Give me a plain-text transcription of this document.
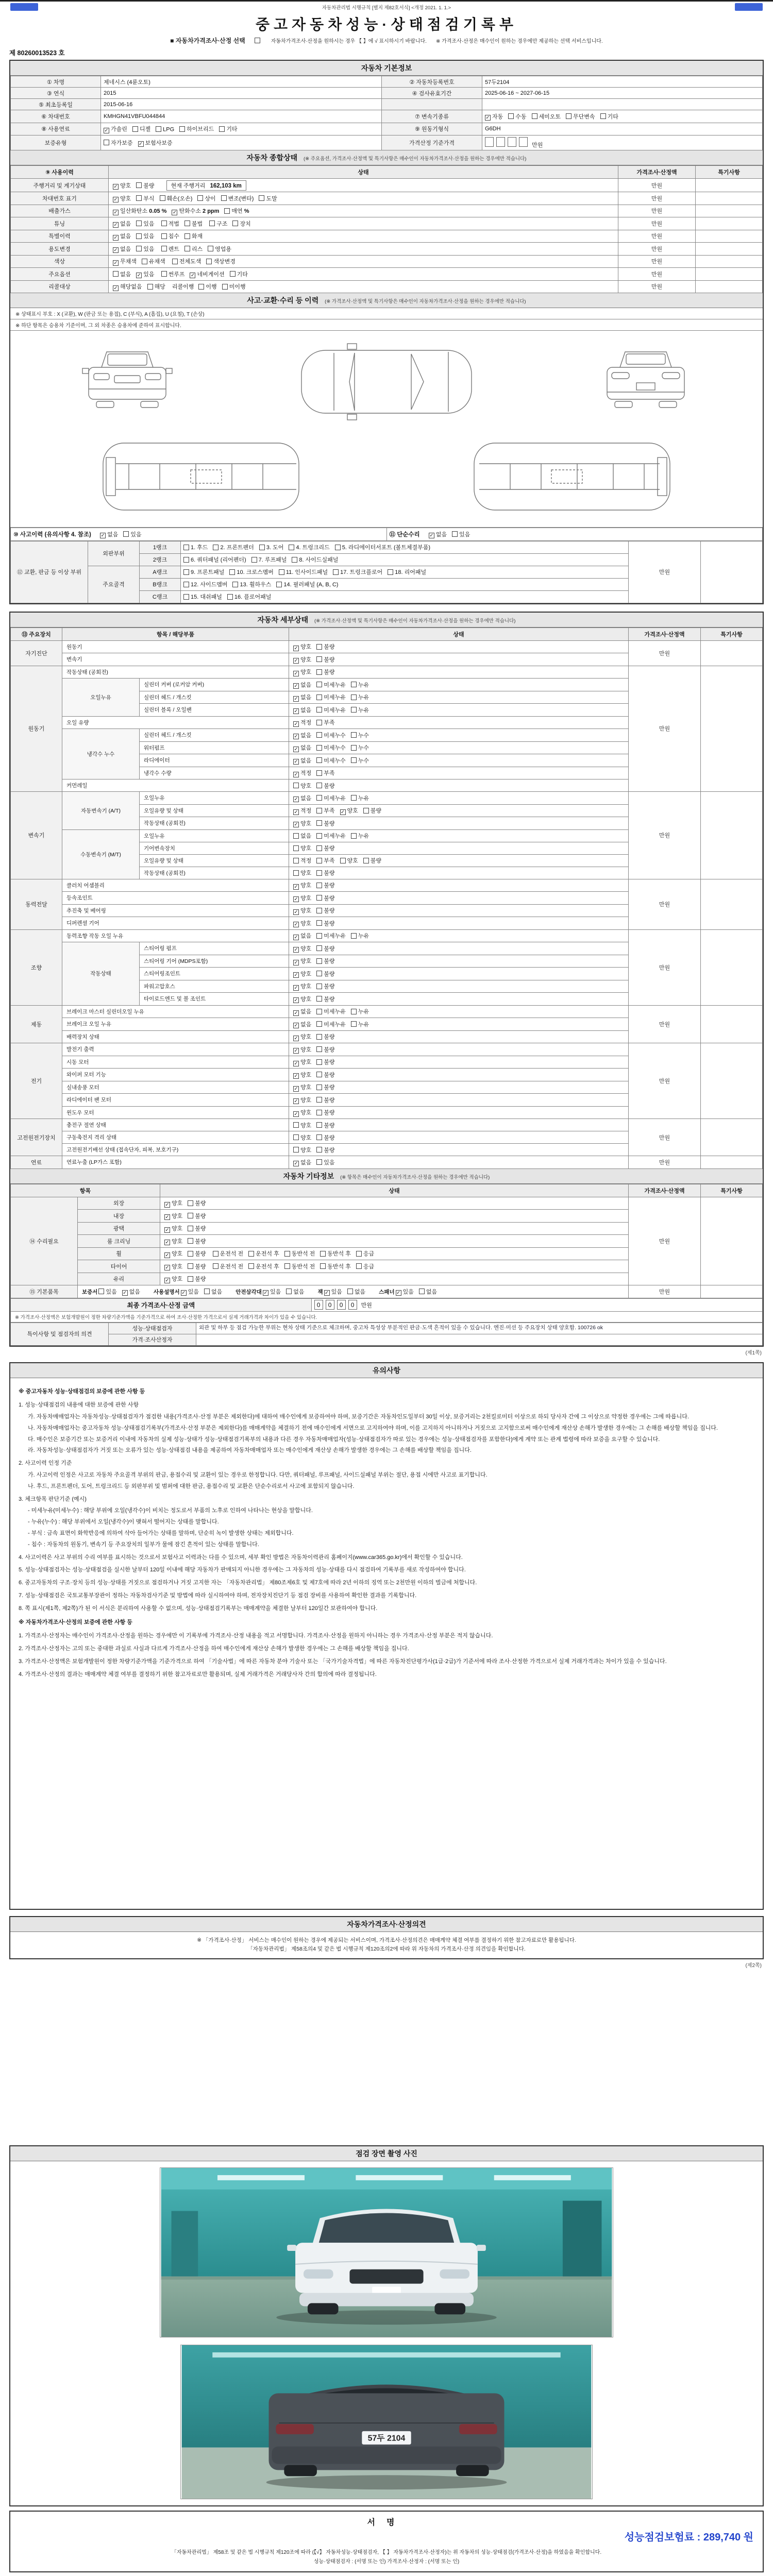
자동차관리법 시행규칙 [별지 제82호서식] <개정 2021. 1. 1.>
중고자동차성능·상태점검기록부
■ 자동차가격조사·산정 선택	자동차가격조사·산정을 원하시는 경우 【 】에 √ 표시하시기 바랍니다. ※ 가격조사·산정은 매수인이 원하는 경우에만 제공하는 선택 서비스입니다.
제 80260013523 호
자동차 기본정보
① 차명	제네시스 (4륜오토)	② 자동차등록번호	57두2104
③ 연식	2015	④ 검사유효기간	2025-06-16 ~ 2027-06-15
⑤ 최초등록일	2015-06-16		
⑥ 차대번호	KMHGN41VBFU044844	⑦ 변속기종류	✓ 자동 수동 세미오토 무단변속 기타
⑧ 사용연료	✓ 가솔린 디젤 LPG 하이브리드 기타	⑨ 원동기형식	G6DH
보증유형	자가보증 ✓ 보험사보증	가격산정 기준가격	만원
자동차 종합상태 (※ 주요옵션, 가격조사·산정액 및 특기사항은 매수인이 자동차가격조사·산정을 원하는 경우에만 적습니다)
⑨ 사용이력	상태	가격조사·산정액	특기사항
주행거리 및 계기상태	✓ 양호 불량 현재 주행거리 162,103 km	만원	
차대번호 표기	✓ 양호 부식 훼손(오손) 상이 변조(변타) 도말	만원	
배출가스	✓ 일산화탄소 0.05 % ✓ 탄화수소 2 ppm 매연 %	만원	
튜닝	✓ 없음 있음 적법 불법 구조 장치	만원	
특별이력	✓ 없음 있음 침수 화재	만원	
용도변경	✓ 없음 있음 렌트 리스 영업용	만원	
색상	✓ 무채색 유채색 전체도색 색상변경	만원	
주요옵션	없음 ✓ 있음 썬루프 ✓ 네비게이션 기타	만원	
리콜대상	✓ 해당없음 해당 리콜이행 이행 미이행	만원	
사고·교환·수리 등 이력 (※ 가격조사·산정액 및 특기사항은 매수인이 자동차가격조사·산정을 원하는 경우에만 적습니다)
※ 상태표시 부호 : X (교환), W (판금 또는 용접), C (부식), A (흠집), U (요철), T (손상)
※ 하단 항목은 승용차 기준이며, 그 외 차종은 승용차에 준하여 표시합니다.
⑩ 사고이력 (유의사항 4. 참조) ✓ 없음 있음	⑪ 단순수리 ✓ 없음 있음
⑫ 교환, 판금 등 이상 부위	외판부위	1랭크	1. 후드 2. 프론트펜더 3. 도어 4. 트렁크리드 5. 라디에이터서포트 (볼트체결부품)	만원	
		2랭크	6. 쿼터패널 (리어펜더) 7. 루프패널 8. 사이드실패널		
	주요골격	A랭크	9. 프론트패널 10. 크로스멤버 11. 인사이드패널 17. 트렁크플로어 18. 리어패널		
		B랭크	12. 사이드멤버 13. 휠하우스 14. 필러패널 (A, B, C)		
		C랭크	15. 대쉬패널 16. 플로어패널		
자동차 세부상태 (※ 가격조사·산정액 및 특기사항은 매수인이 자동차가격조사·산정을 원하는 경우에만 적습니다)
⑬ 주요장치	항목 / 해당부품		상태	가격조사·산정액	특기사항
자기진단	원동기		✓ 양호 불량	만원	
	변속기		✓ 양호 불량		
원동기	작동상태 (공회전)		✓ 양호 불량	만원	
	오일누유	실린더 커버 (로커암 커버)	✓ 없음 미세누유 누유		
		실린더 헤드 / 개스킷	✓ 없음 미세누유 누유		
		실린더 블록 / 오일팬	✓ 없음 미세누유 누유		
	오일 유량		✓ 적정 부족		
	냉각수 누수	실린더 헤드 / 개스킷	✓ 없음 미세누수 누수		
		워터펌프	✓ 없음 미세누수 누수		
		라디에이터	✓ 없음 미세누수 누수		
		냉각수 수량	✓ 적정 부족		
	커먼레일		양호 불량		
변속기	자동변속기 (A/T)	오일누유	✓ 없음 미세누유 누유	만원	
		오일유량 및 상태	✓ 적정 부족 ✓ 양호 불량		
		작동상태 (공회전)	✓ 양호 불량		
	수동변속기 (M/T)	오일누유	없음 미세누유 누유		
		기어변속장치	양호 불량		
		오일유량 및 상태	적정 부족 양호 불량		
		작동상태 (공회전)	양호 불량		
동력전달	클러치 어셈블리		✓ 양호 불량	만원	
	등속조인트		✓ 양호 불량		
	추진축 및 베어링		✓ 양호 불량		
	디퍼렌셜 기어		✓ 양호 불량		
조향	동력조향 작동 오일 누유		✓ 없음 미세누유 누유	만원	
	작동상태	스티어링 펌프	✓ 양호 불량		
		스티어링 기어 (MDPS포함)	✓ 양호 불량		
		스티어링조인트	✓ 양호 불량		
		파워고압호스	✓ 양호 불량		
		타이로드엔드 및 볼 조인트	✓ 양호 불량		
제동	브레이크 마스터 실린더오일 누유		✓ 없음 미세누유 누유	만원	
	브레이크 오일 누유		✓ 없음 미세누유 누유		
	배력장치 상태		✓ 양호 불량		
전기	발전기 출력		✓ 양호 불량	만원	
	시동 모터		✓ 양호 불량		
	와이퍼 모터 기능		✓ 양호 불량		
	실내송풍 모터		✓ 양호 불량		
	라디에이터 팬 모터		✓ 양호 불량		
	윈도우 모터		✓ 양호 불량		
고전원전기장치	충전구 절연 상태		양호 불량	만원	
	구동축전지 격리 상태		양호 불량		
	고전원전기배선 상태 (접속단자, 피복, 보호기구)		양호 불량		
연료	연료누출 (LP가스 포함)		✓ 없음 있음	만원	
자동차 기타정보 (※ 항목은 매수인이 자동차가격조사·산정을 원하는 경우에만 적습니다)
항목		상태	가격조사·산정액	특기사항
⑭ 수리필요	외장	✓ 양호 불량	만원	
	내장	✓ 양호 불량		
	광택	✓ 양호 불량		
	룸 크리닝	✓ 양호 불량		
	휠	✓ 양호 불량 운전석 전 운전석 후 동반석 전 동반석 후 응급		
	타이어	✓ 양호 불량 운전석 전 운전석 후 동반석 전 동반석 후 응급		
	유리	✓ 양호 불량		
⑮ 기본품목	보증서 있음 ✓ 없음 사용설명서 ✓ 있음 없음 안전삼각대 ✓ 있음 없음 잭 ✓ 있음 없음 스패너 ✓ 있음 없음		만원	
최종 가격조사·산정 금액	0 0 0 0 만원
※ 가격조사·산정액은 보험개발원이 정한 차량기준가액을 기준가격으로 하여 조사·산정한 가격으로서 실제 거래가격과 차이가 있을 수 있습니다.
특이사항 및 점검자의 의견	성능·상태점검자	외관 및 하부 등 점검 가능한 부위는 현차 상태 기준으로 체크하며, 중고차 특성상 부분적인 판금·도색 흔적이 있을 수 있습니다. 엔진·미션 등 주요장치 상태 양호함. 100726 ok
	가격·조사산정자	
(제1쪽)
유의사항
※ 중고자동차 성능·상태점검의 보증에 관한 사항 등
1. 성능·상태점검의 내용에 대한 보증에 관한 사항
가. 자동차매매업자는 자동차성능·상태점검자가 점검한 내용(가격조사·산정 부분은 제외한다)에 대하여 매수인에게 보증하여야 하며, 보증기간은 자동차인도일부터 30일 이상, 보증거리는 2천킬로미터 이상으로 하되 당사자 간에 그 이상으로 약정한 경우에는 그에 따릅니다.
나. 자동차매매업자는 중고자동차 성능·상태점검기록부(가격조사·산정 부분은 제외한다)를 매매계약을 체결하기 전에 매수인에게 서면으로 고지하여야 하며, 이를 고지하지 아니하거나 거짓으로 고지함으로써 매수인에게 재산상 손해가 발생한 경우에는 그 손해를 배상할 책임을 집니다.
다. 매수인은 보증기간 또는 보증거리 이내에 자동차의 실제 성능·상태가 성능·상태점검기록부의 내용과 다른 경우 자동차매매업자(성능·상태점검자가 따로 있는 경우에는 성능·상태점검자를 포함한다)에게 계약 또는 관계 법령에 따라 보증을 요구할 수 있습니다.
라. 자동차성능·상태점검자가 거짓 또는 오류가 있는 성능·상태점검 내용을 제공하여 자동차매매업자 또는 매수인에게 재산상 손해가 발생한 경우에는 그 손해를 배상할 책임을 집니다.
2. 사고이력 인정 기준
가. 사고이력 인정은 사고로 자동차 주요골격 부위의 판금, 용접수리 및 교환이 있는 경우로 한정합니다. 다만, 쿼터패널, 루프패널, 사이드실패널 부위는 절단, 용접 시에만 사고로 표기합니다.
나. 후드, 프론트펜더, 도어, 트렁크리드 등 외판부위 및 범퍼에 대한 판금, 용접수리 및 교환은 단순수리로서 사고에 포함되지 않습니다.
3. 체크항목 판단기준 (예시)
- 미세누유(미세누수) : 해당 부위에 오일(냉각수)이 비치는 정도로서 부품의 노후로 인하여 나타나는 현상을 말합니다.
- 누유(누수) : 해당 부위에서 오일(냉각수)이 맺혀서 떨어지는 상태를 말합니다.
- 부식 : 금속 표면이 화학반응에 의하여 삭아 들어가는 상태를 말하며, 단순히 녹이 발생한 상태는 제외합니다.
- 침수 : 자동차의 원동기, 변속기 등 주요장치의 일부가 물에 잠긴 흔적이 있는 상태를 말합니다.
4. 사고이력은 사고 부위의 수리 여부를 표시하는 것으로서 보험사고 이력과는 다를 수 있으며, 세부 확인 방법은 자동차이력관리 홈페이지(www.car365.go.kr)에서 확인할 수 있습니다.
5. 성능·상태점검자는 성능·상태점검을 실시한 날부터 120일 이내에 해당 자동차가 판매되지 아니한 경우에는 그 자동차의 성능·상태를 다시 점검하여 기록부를 새로 작성하여야 합니다.
6. 중고자동차의 구조·장치 등의 성능·상태를 거짓으로 점검하거나 거짓 고지한 자는 「자동차관리법」 제80조제6호 및 제7호에 따라 2년 이하의 징역 또는 2천만원 이하의 벌금에 처합니다.
7. 성능·상태점검은 국토교통부장관이 정하는 자동차검사기준 및 방법에 따라 실시하여야 하며, 전자장치진단기 등 점검 장비를 사용하여 확인한 결과를 기록합니다.
8. 쪽 표시(제1쪽, 제2쪽)가 된 이 서식은 분리하여 사용할 수 없으며, 성능·상태점검기록부는 매매계약을 체결한 날부터 120일간 보관하여야 합니다.
※ 자동차가격조사·산정의 보증에 관한 사항 등
1. 가격조사·산정자는 매수인이 가격조사·산정을 원하는 경우에만 이 기록부에 가격조사·산정 내용을 적고 서명합니다. 가격조사·산정을 원하지 아니하는 경우 가격조사·산정 부분은 적지 않습니다.
2. 가격조사·산정자는 고의 또는 중대한 과실로 사실과 다르게 가격조사·산정을 하여 매수인에게 재산상 손해가 발생한 경우에는 그 손해를 배상할 책임을 집니다.
3. 가격조사·산정액은 보험개발원이 정한 차량기준가액을 기준가격으로 하여 「기술사법」에 따른 자동차 분야 기술사 또는 「국가기술자격법」에 따른 자동차진단평가사(1급·2급)가 기준서에 따라 조사·산정한 가격으로서 실제 거래가격과는 차이가 있을 수 있습니다.
4. 가격조사·산정의 결과는 매매계약 체결 여부를 결정하기 위한 참고자료로만 활용되며, 실제 거래가격은 거래당사자 간의 합의에 따라 결정됩니다.
자동차가격조사·산정의견
※ 「가격조사·산정」 서비스는 매수인이 원하는 경우에 제공되는 서비스이며, 가격조사·산정의견은 매매계약 체결 여부를 결정하기 위한 참고자료로만 활용됩니다.
「자동차관리법」 제58조의4 및 같은 법 시행규칙 제120조의2에 따라 위 자동차의 가격조사·산정 의견임을 확인합니다.
(제2쪽)
점검 장면 촬영 사진
57두 2104
서명
성능점검보험료 : 289,740 원
「자동차관리법」 제58조 및 같은 법 시행규칙 제120조에 따라 (【√】 자동차성능·상태점검자, 【 】 자동차가격조사·산정자)는 위 자동차의 성능·상태점검(가격조사·산정)을 하였음을 확인합니다.
성능·상태점검자 : (서명 또는 인) 가격조사·산정자 : (서명 또는 인)
